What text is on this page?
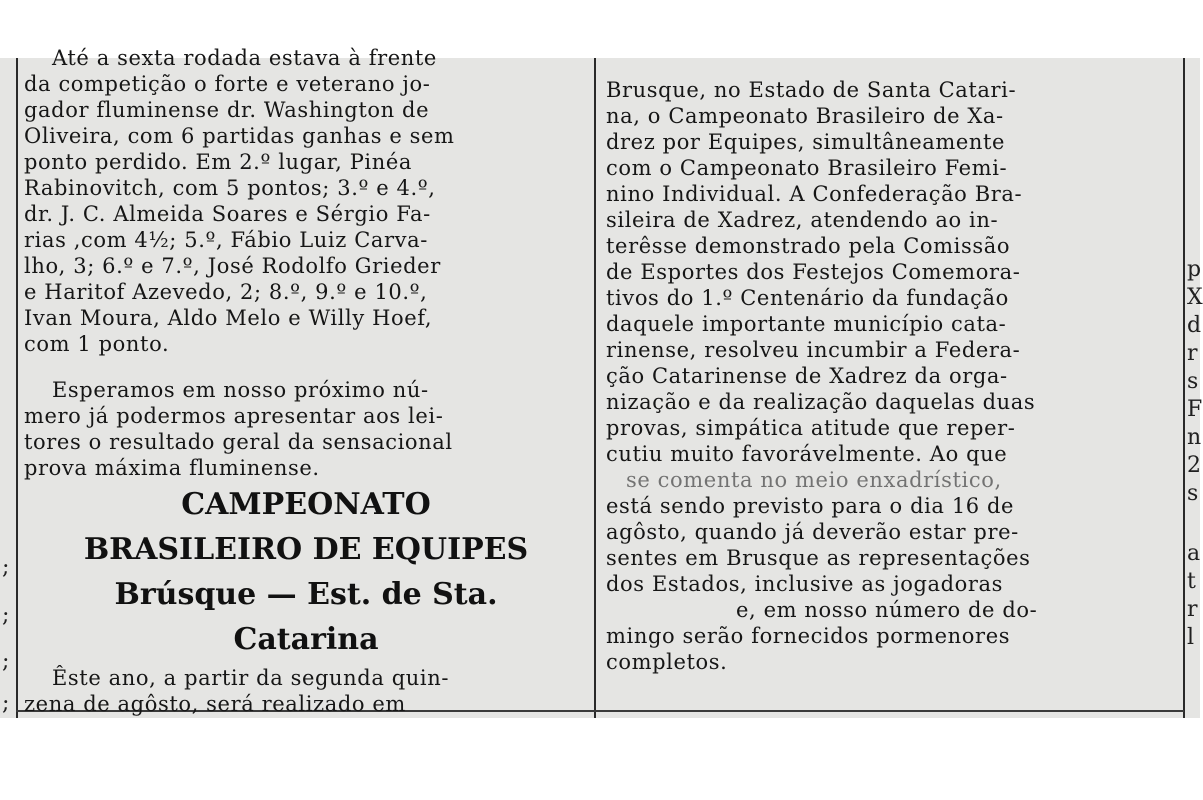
;
;
;
;
Até a sexta rodada estava à frente
da competição o forte e veterano jo-
gador fluminense dr. Washington de
Oliveira, com 6 partidas ganhas e sem
ponto perdido. Em 2.º lugar, Pinéa
Rabinovitch, com 5 pontos; 3.º e 4.º,
dr. J. C. Almeida Soares e Sérgio Fa-
rias ,com 4½; 5.º, Fábio Luiz Carva-
lho, 3; 6.º e 7.º, José Rodolfo Grieder
e Haritof Azevedo, 2; 8.º, 9.º e 10.º,
Ivan Moura, Aldo Melo e Willy Hoef,
com 1 ponto.
Esperamos em nosso próximo nú-
mero já podermos apresentar aos lei-
tores o resultado geral da sensacional
prova máxima fluminense.
CAMPEONATO
BRASILEIRO DE EQUIPES
Brúsque — Est. de Sta.
Catarina
Êste ano, a partir da segunda quin-
zena de agôsto, será realizado em
Brusque, no Estado de Santa Catari-
na, o Campeonato Brasileiro de Xa-
drez por Equipes, simultâneamente
com o Campeonato Brasileiro Femi-
nino Individual. A Confederação Bra-
sileira de Xadrez, atendendo ao in-
terêsse demonstrado pela Comissão
de Esportes dos Festejos Comemora-
tivos do 1.º Centenário da fundação
daquele importante município cata-
rinense, resolveu incumbir a Federa-
ção Catarinense de Xadrez da orga-
nização e da realização daquelas duas
provas, simpática atitude que reper-
cutiu muito favorávelmente. Ao que
se comenta no meio enxadrístico,
está sendo previsto para o dia 16 de
agôsto, quando já deverão estar pre-
sentes em Brusque as representações
dos Estados, inclusive as jogadoras
e, em nosso número de do-
mingo serão fornecidos pormenores
completos.
p
X
d
r
s
F
n
2
s
a
t
r
l
